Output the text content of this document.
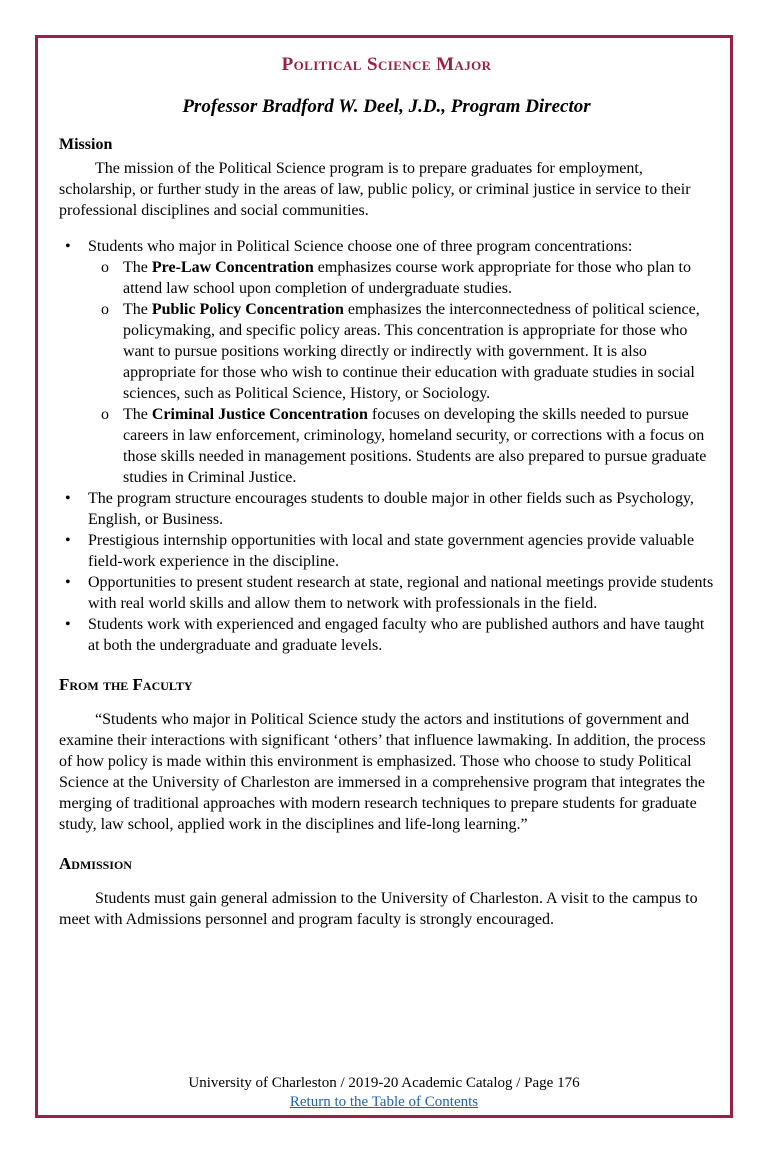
Political Science Major
Professor Bradford W. Deel, J.D., Program Director
Mission
The mission of the Political Science program is to prepare graduates for employment, scholarship, or further study in the areas of law, public policy, or criminal justice in service to their professional disciplines and social communities.
•	Students who major in Political Science choose one of three program concentrations:
o The Pre-Law Concentration emphasizes course work appropriate for those who plan to attend law school upon completion of undergraduate studies.
o The Public Policy Concentration emphasizes the interconnectedness of political science, policymaking, and specific policy areas. This concentration is appropriate for those who want to pursue positions working directly or indirectly with government. It is also appropriate for those who wish to continue their education with graduate studies in social sciences, such as Political Science, History, or Sociology.
o The Criminal Justice Concentration focuses on developing the skills needed to pursue careers in law enforcement, criminology, homeland security, or corrections with a focus on those skills needed in management positions. Students are also prepared to pursue graduate studies in Criminal Justice.
•	The program structure encourages students to double major in other fields such as Psychology, English, or Business.
•	Prestigious internship opportunities with local and state government agencies provide valuable field-work experience in the discipline.
•	Opportunities to present student research at state, regional and national meetings provide students with real world skills and allow them to network with professionals in the field.
•	Students work with experienced and engaged faculty who are published authors and have taught at both the undergraduate and graduate levels.
From the Faculty
“Students who major in Political Science study the actors and institutions of government and examine their interactions with significant ‘others’ that influence lawmaking. In addition, the process of how policy is made within this environment is emphasized. Those who choose to study Political Science at the University of Charleston are immersed in a comprehensive program that integrates the merging of traditional approaches with modern research techniques to prepare students for graduate study, law school, applied work in the disciplines and life-long learning.”
Admission
Students must gain general admission to the University of Charleston. A visit to the campus to meet with Admissions personnel and program faculty is strongly encouraged.
University of Charleston / 2019-20 Academic Catalog / Page 176
Return to the Table of Contents
